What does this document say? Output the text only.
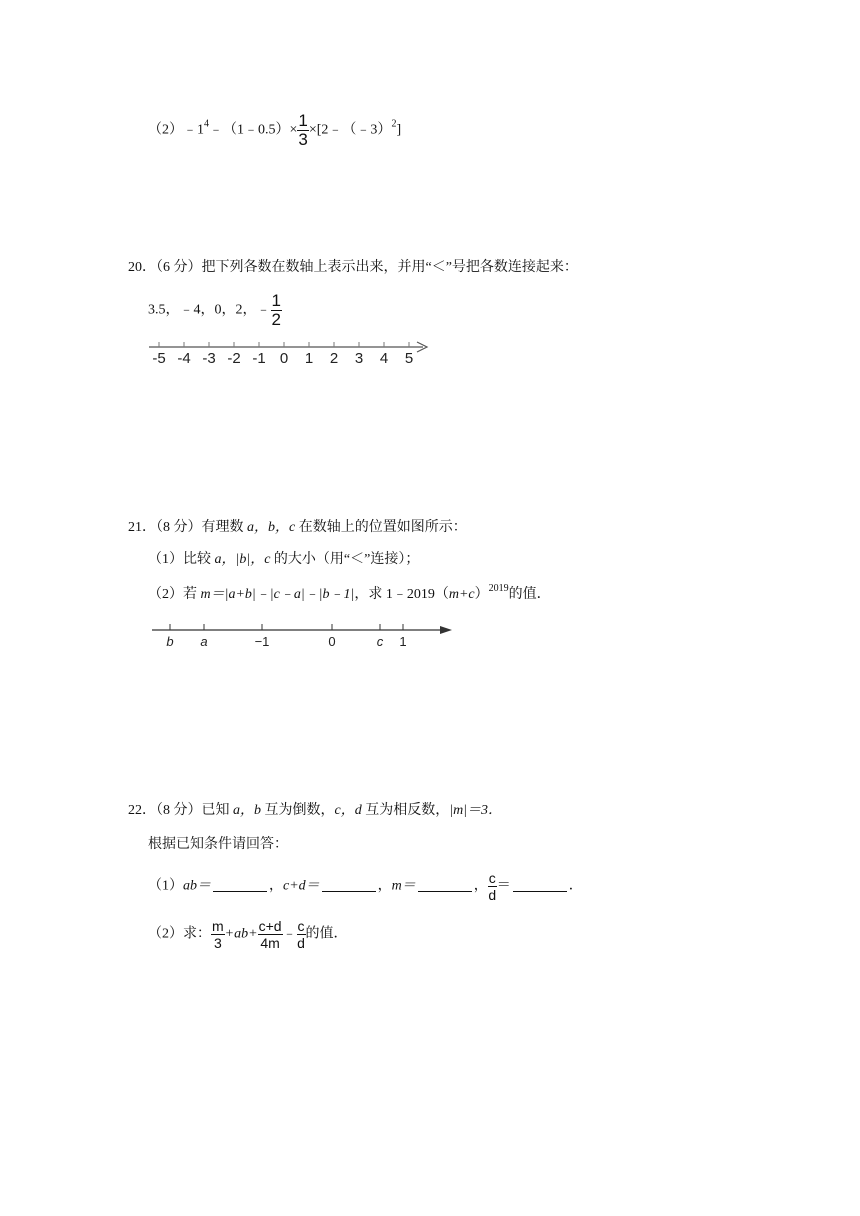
$(2)﹣1^4﹣(1﹣0.5)\times \frac{1}{3}$ ×[2﹣（﹣3）$^2$]
20．（6 分）把下列各数在数轴上表示出来，并用“＜”号把各数连接起来：
3.5，﹣4，0，2，﹣ $\frac{1}{2}$
-5 -4 -3 -2 -1 0 1 2 3 4 5
21．（8 分）有理数 a，b，c 在数轴上的位置如图所示：
（1）比较 a，|b|，c 的大小（用“＜”连接）；
（2）若 m＝|a+b|﹣|c﹣a|﹣|b﹣1|，求 $1﹣2019(m+c)^{2019}$的值．
b a	−1	0	c 1
22．（8 分）已知 a，b 互为倒数，c，d 互为相反数，|m|＝3．
根据已知条件请回答：
（1）ab＝	，c+d＝	，m＝	， $\frac{c}{d}$ ＝	．
（2）求： $\frac{m}{3} +ab+ \frac{c+d}{4m}$ ﹣ $\frac{c}{d}$ 的值．
